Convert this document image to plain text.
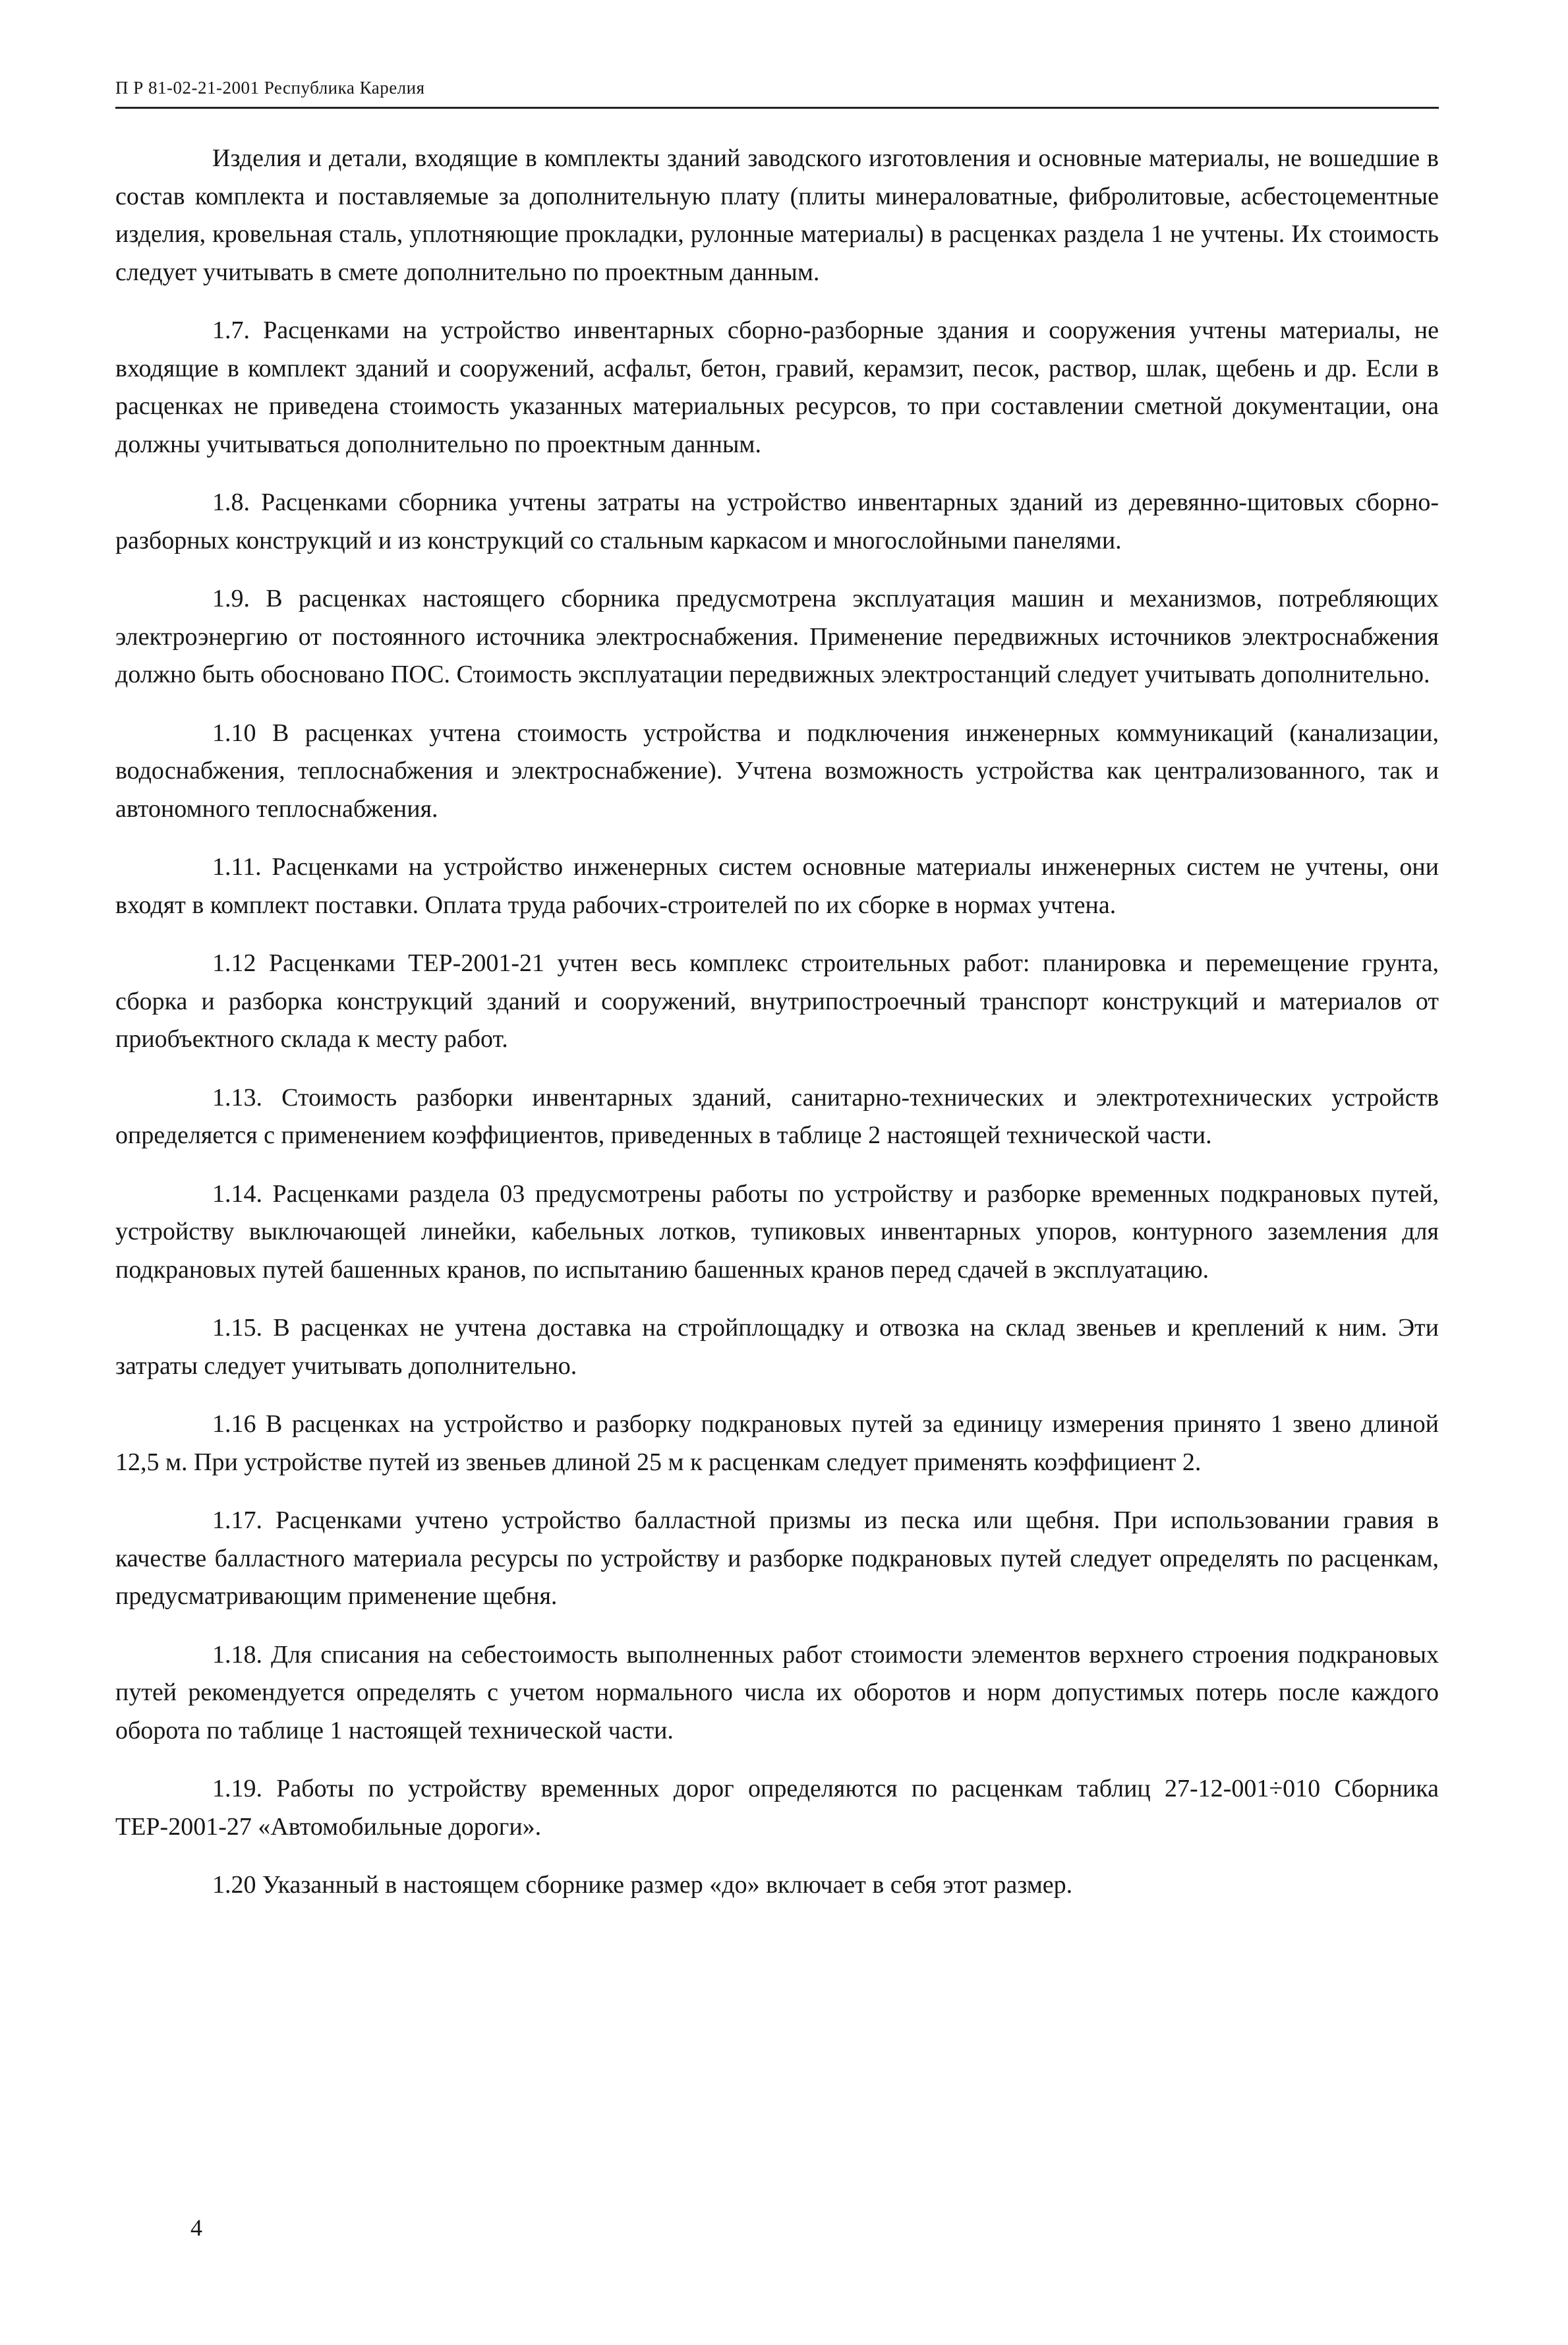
П Р 81-02-21-2001 Республика Карелия

Изделия и детали, входящие в комплекты зданий заводского изготовления и основные материалы, не вошедшие в состав комплекта и поставляемые за дополнительную плату (плиты минераловатные, фибролитовые, асбестоцементные изделия, кровельная сталь, уплотняющие прокладки, рулонные материалы) в расценках раздела 1 не учтены. Их стоимость следует учитывать в смете дополнительно по проектным данным.

1.7. Расценками на устройство инвентарных сборно-разборные здания и сооружения учтены материалы, не входящие в комплект зданий и сооружений, асфальт, бетон, гравий, керамзит, песок, раствор, шлак, щебень и др. Если в расценках не приведена стоимость указанных материальных ресурсов, то при составлении сметной документации, она должны учитываться дополнительно по проектным данным.

1.8. Расценками сборника учтены затраты на устройство инвентарных зданий из деревянно-щитовых сборно-разборных конструкций и из конструкций со стальным каркасом и многослойными панелями.

1.9. В расценках настоящего сборника предусмотрена эксплуатация машин и механизмов, потребляющих электроэнергию от постоянного источника электроснабжения. Применение передвижных источников электроснабжения должно быть обосновано ПОС. Стоимость эксплуатации передвижных электростанций следует учитывать дополнительно.

1.10 В расценках учтена стоимость устройства и подключения инженерных коммуникаций (канализации, водоснабжения, теплоснабжения и электроснабжение). Учтена возможность устройства как централизованного, так и автономного теплоснабжения.

1.11. Расценками на устройство инженерных систем основные материалы инженерных систем не учтены, они входят в комплект поставки. Оплата труда рабочих-строителей по их сборке в нормах учтена.

1.12 Расценками ТЕР-2001-21 учтен весь комплекс строительных работ: планировка и перемещение грунта, сборка и разборка конструкций зданий и сооружений, внутрипостроечный транспорт конструкций и материалов от приобъектного склада к месту работ.

1.13. Стоимость разборки инвентарных зданий, санитарно-технических и электротехнических устройств определяется с применением коэффициентов, приведенных в таблице 2 настоящей технической части.

1.14. Расценками раздела 03 предусмотрены работы по устройству и разборке временных подкрановых путей, устройству выключающей линейки, кабельных лотков, тупиковых инвентарных упоров, контурного заземления для подкрановых путей башенных кранов, по испытанию башенных кранов перед сдачей в эксплуатацию.

1.15. В расценках не учтена доставка на стройплощадку и отвозка на склад звеньев и креплений к ним. Эти затраты следует учитывать дополнительно.

1.16 В расценках на устройство и разборку подкрановых путей за единицу измерения принято 1 звено длиной 12,5 м. При устройстве путей из звеньев длиной 25 м к расценкам следует применять коэффициент 2.

1.17. Расценками учтено устройство балластной призмы из песка или щебня. При использовании гравия в качестве балластного материала ресурсы по устройству и разборке подкрановых путей следует определять по расценкам, предусматривающим применение щебня.

1.18. Для списания на себестоимость выполненных работ стоимости элементов верхнего строения подкрановых путей рекомендуется определять с учетом нормального числа их оборотов и норм допустимых потерь после каждого оборота по таблице 1 настоящей технической части.

1.19. Работы по устройству временных дорог определяются по расценкам таблиц 27-12-001÷010 Сборника ТЕР-2001-27 «Автомобильные дороги».

1.20 Указанный в настоящем сборнике размер «до» включает в себя этот размер.

4
